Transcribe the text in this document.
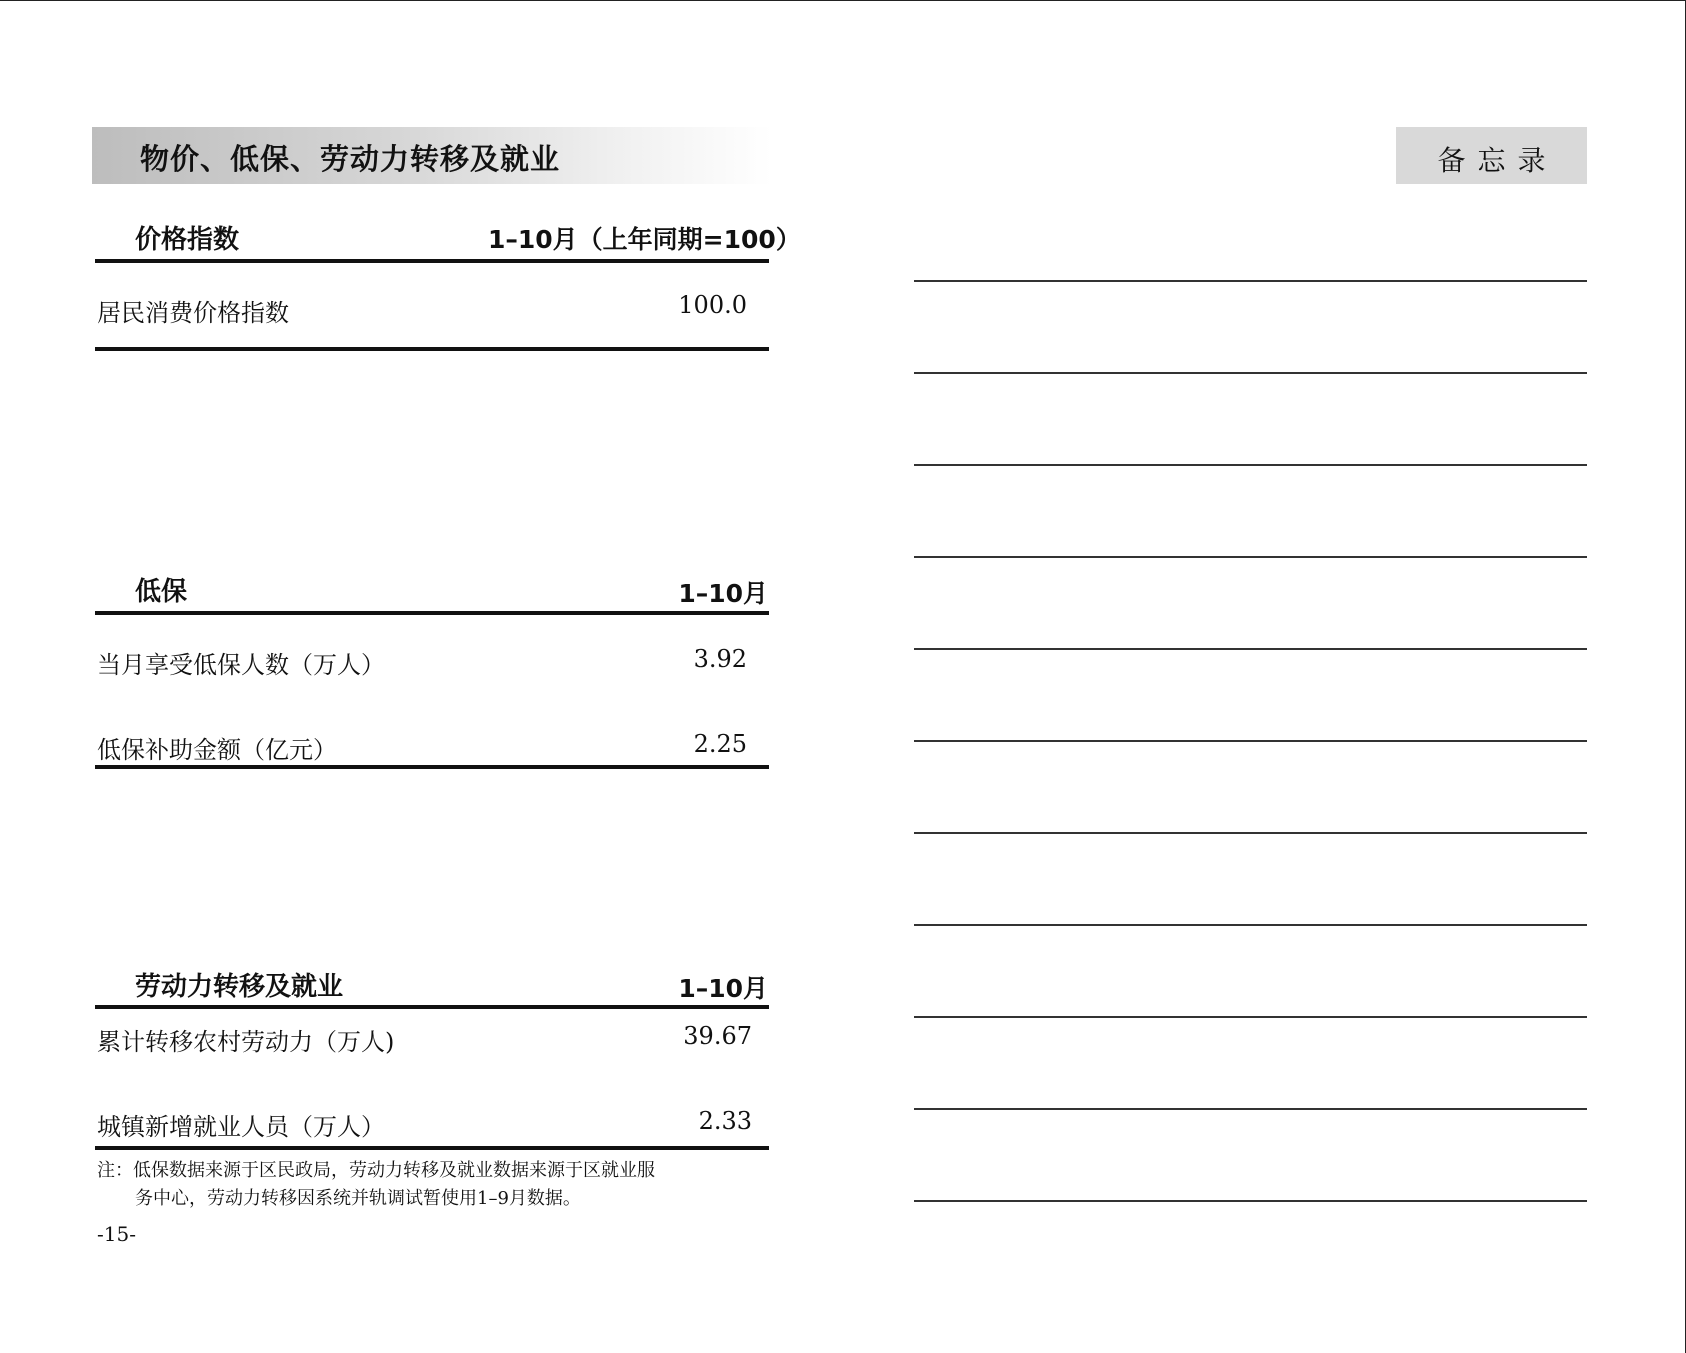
物价、低保、劳动力转移及就业	备忘录
价格指数	1–10月（上年同期=100）
居民消费价格指数	100.0
低保	1–10月
当月享受低保人数（万人）	3.92
低保补助金额（亿元）	2.25
劳动力转移及就业	1–10月
累计转移农村劳动力（万人)	39.67
城镇新增就业人员（万人）	2.33
注：低保数据来源于区民政局，劳动力转移及就业数据来源于区就业服
务中心，劳动力转移因系统并轨调试暂使用1–9月数据。
-15-
